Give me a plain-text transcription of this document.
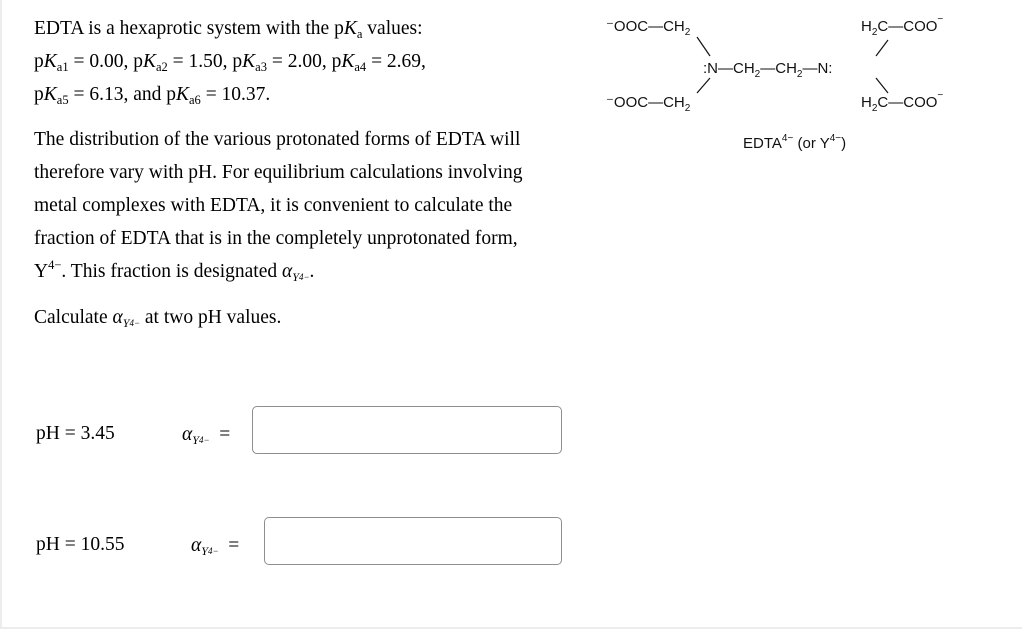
EDTA is a hexaprotic system with the $pK_a$ values:
$pK_{a1} = 0.00$, $pK_{a2} = 1.50$, $pK_{a3} = 2.00$, $pK_{a4} = 2.69$,
$pK_{a5} = 6.13$, and $pK_{a6} = 10.37$.
The distribution of the various protonated forms of EDTA will therefore vary with pH. For equilibrium calculations involving metal complexes with EDTA, it is convenient to calculate the fraction of EDTA that is in the completely unprotonated form, $Y^{4-}$. This fraction is designated $\alpha_{Y4-}$.
Calculate $\alpha_{Y4-}$ at two pH values.
$^-OOC—CH_2$
$^-OOC—CH_2$
$:N—CH_2—CH_2—N$:
$H_2C—COO^-$
$H_2C—COO^-$
$EDTA^{4-}$ (or $Y^{4-}$)
pH = 3.45	$\alpha_{Y4-}$ =
pH = 10.55	$\alpha_{Y4-}$ =
